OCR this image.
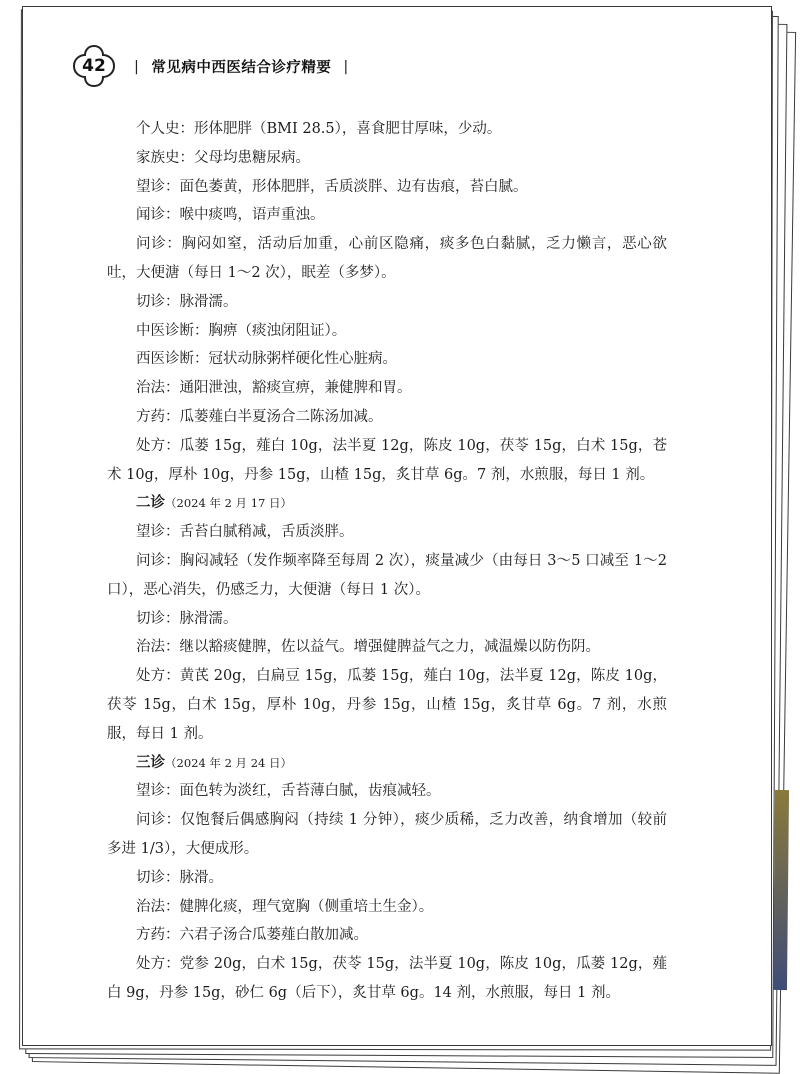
42	| 常见病中西医结合诊疗精要 |

个人史：形体肥胖（BMI 28.5），喜食肥甘厚味，少动。

家族史：父母均患糖尿病。

望诊：面色萎黄，形体肥胖，舌质淡胖、边有齿痕，苔白腻。

闻诊：喉中痰鸣，语声重浊。

问诊：胸闷如窒，活动后加重，心前区隐痛，痰多色白黏腻，乏力懒言，恶心欲吐，大便溏（每日 1～2 次），眠差（多梦）。

切诊：脉滑濡。

中医诊断：胸痹（痰浊闭阻证）。

西医诊断：冠状动脉粥样硬化性心脏病。

治法：通阳泄浊，豁痰宣痹，兼健脾和胃。

方药：瓜蒌薤白半夏汤合二陈汤加减。

处方：瓜蒌 15g，薤白 10g，法半夏 12g，陈皮 10g，茯苓 15g，白术 15g，苍术 10g，厚朴 10g，丹参 15g，山楂 15g，炙甘草 6g。7 剂，水煎服，每日 1 剂。

二诊（2024 年 2 月 17 日）

望诊：舌苔白腻稍减，舌质淡胖。

问诊：胸闷减轻（发作频率降至每周 2 次），痰量减少（由每日 3～5 口减至 1～2 口），恶心消失，仍感乏力，大便溏（每日 1 次）。

切诊：脉滑濡。

治法：继以豁痰健脾，佐以益气。增强健脾益气之力，减温燥以防伤阴。

处方：黄芪 20g，白扁豆 15g，瓜蒌 15g，薤白 10g，法半夏 12g，陈皮 10g，茯苓 15g，白术 15g，厚朴 10g，丹参 15g，山楂 15g，炙甘草 6g。7 剂，水煎服，每日 1 剂。

三诊（2024 年 2 月 24 日）

望诊：面色转为淡红，舌苔薄白腻，齿痕减轻。

问诊：仅饱餐后偶感胸闷（持续 1 分钟），痰少质稀，乏力改善，纳食增加（较前多进 1/3），大便成形。

切诊：脉滑。

治法：健脾化痰，理气宽胸（侧重培土生金）。

方药：六君子汤合瓜蒌薤白散加减。

处方：党参 20g，白术 15g，茯苓 15g，法半夏 10g，陈皮 10g，瓜蒌 12g，薤白 9g，丹参 15g，砂仁 6g（后下），炙甘草 6g。14 剂，水煎服，每日 1 剂。
